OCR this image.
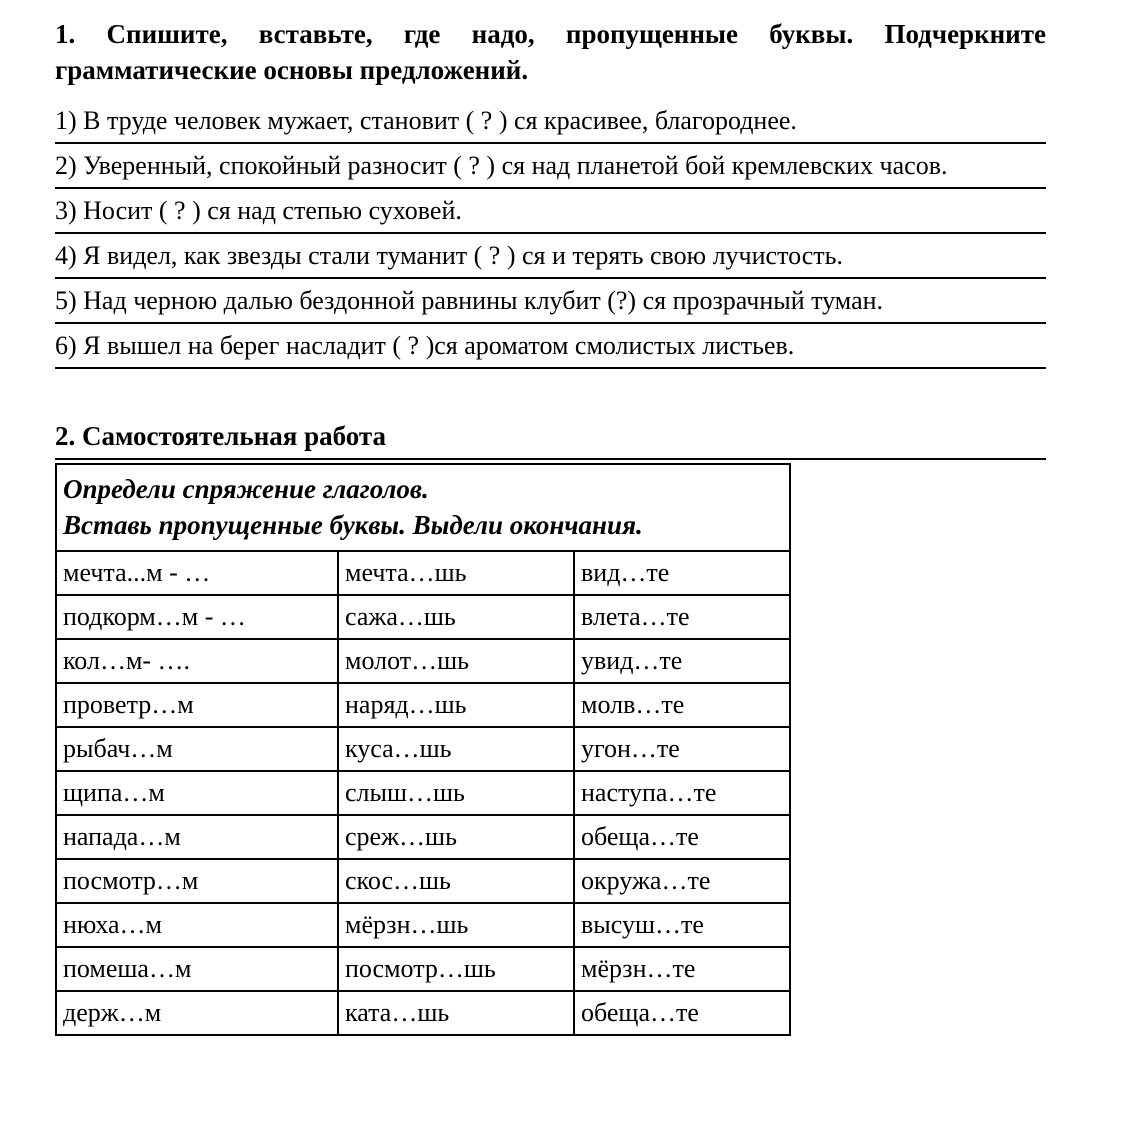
1. Спишите, вставьте, где надо, пропущенные буквы. Подчеркните грамматические основы предложений.
1) В труде человек мужает, становит ( ? ) ся красивее, благороднее.
2) Уверенный, спокойный разносит ( ? ) ся над планетой бой кремлевских часов.
3) Носит ( ? ) ся над степью суховей.
4) Я видел, как звезды стали туманит ( ? ) ся и терять свою лучистость.
5) Над черною далью бездонной равнины клубит (?) ся прозрачный туман.
6) Я вышел на берег насладит ( ? )ся ароматом смолистых листьев.
2. Самостоятельная работа
Определи спряжение глаголов.
Вставь пропущенные буквы. Выдели окончания.		

мечта...м - …	мечта…шь	вид…те
подкорм…м - …	сажа…шь	влета…те
кол…м- ….	молот…шь	увид…те
проветр…м	наряд…шь	молв…те
рыбач…м	куса…шь	угон…те
щипа…м	слыш…шь	наступа…те
напада…м	среж…шь	обеща…те
посмотр…м	скос…шь	окружа…те
нюха…м	мёрзн…шь	высуш…те
помеша…м	посмотр…шь	мёрзн…те
держ…м	ката…шь	обеща…те
